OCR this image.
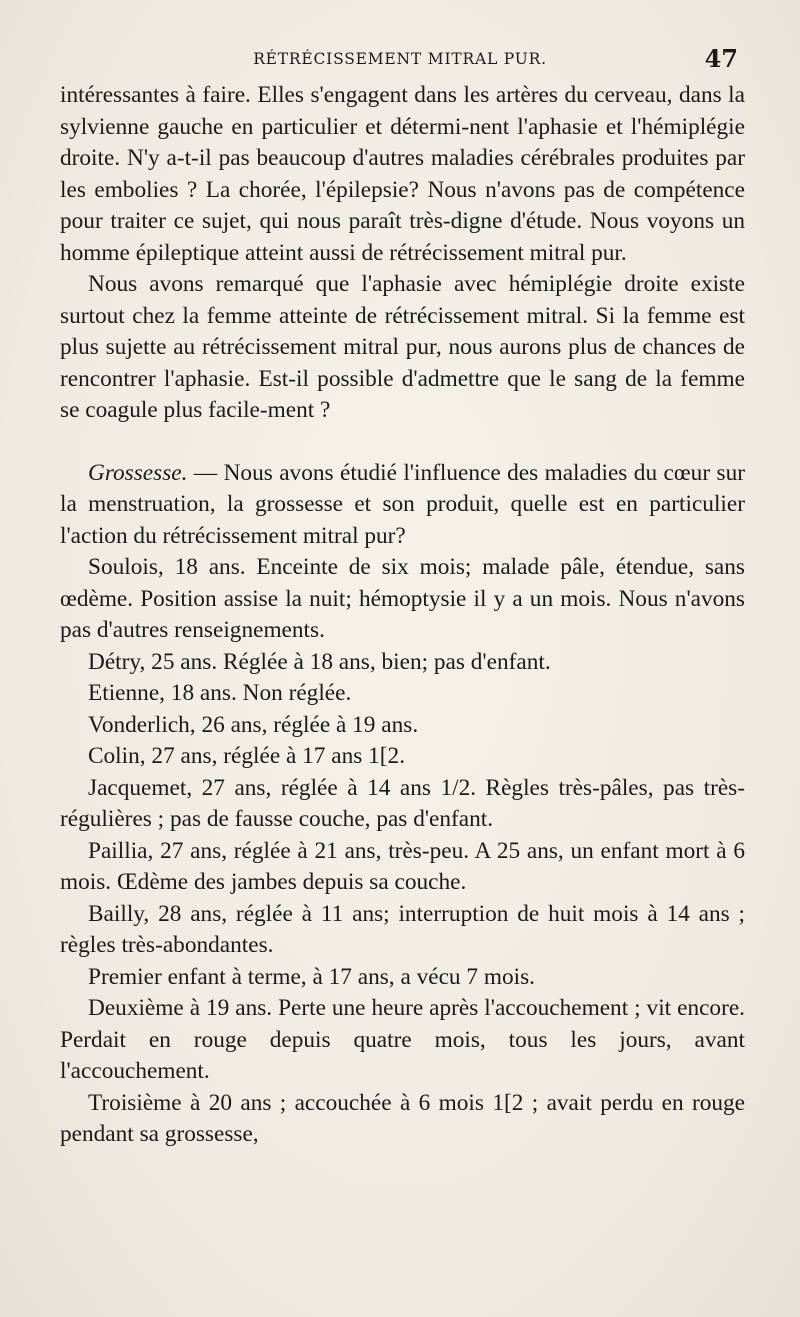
RÉTRÉCISSEMENT MITRAL PUR.	47

intéressantes à faire. Elles s'engagent dans les artères du cerveau, dans la sylvienne gauche en particulier et détermi-nent l'aphasie et l'hémiplégie droite. N'y a-t-il pas beaucoup d'autres maladies cérébrales produites par les embolies ? La chorée, l'épilepsie? Nous n'avons pas de compétence pour traiter ce sujet, qui nous paraît très-digne d'étude. Nous voyons un homme épileptique atteint aussi de rétrécissement mitral pur.

Nous avons remarqué que l'aphasie avec hémiplégie droite existe surtout chez la femme atteinte de rétrécissement mitral. Si la femme est plus sujette au rétrécissement mitral pur, nous aurons plus de chances de rencontrer l'aphasie. Est-il possible d'admettre que le sang de la femme se coagule plus facile-ment ?

Grossesse. — Nous avons étudié l'influence des maladies du cœur sur la menstruation, la grossesse et son produit, quelle est en particulier l'action du rétrécissement mitral pur?

Soulois, 18 ans. Enceinte de six mois; malade pâle, étendue, sans œdème. Position assise la nuit; hémoptysie il y a un mois. Nous n'avons pas d'autres renseignements.

Détry, 25 ans. Réglée à 18 ans, bien; pas d'enfant.

Etienne, 18 ans. Non réglée.

Vonderlich, 26 ans, réglée à 19 ans.

Colin, 27 ans, réglée à 17 ans 1[2.

Jacquemet, 27 ans, réglée à 14 ans 1/2. Règles très-pâles, pas très-régulières ; pas de fausse couche, pas d'enfant.

Paillia, 27 ans, réglée à 21 ans, très-peu. A 25 ans, un enfant mort à 6 mois. Œdème des jambes depuis sa couche.

Bailly, 28 ans, réglée à 11 ans; interruption de huit mois à 14 ans ; règles très-abondantes.

Premier enfant à terme, à 17 ans, a vécu 7 mois.

Deuxième à 19 ans. Perte une heure après l'accouchement ; vit encore. Perdait en rouge depuis quatre mois, tous les jours, avant l'accouchement.

Troisième à 20 ans ; accouchée à 6 mois 1[2 ; avait perdu en rouge pendant sa grossesse,
